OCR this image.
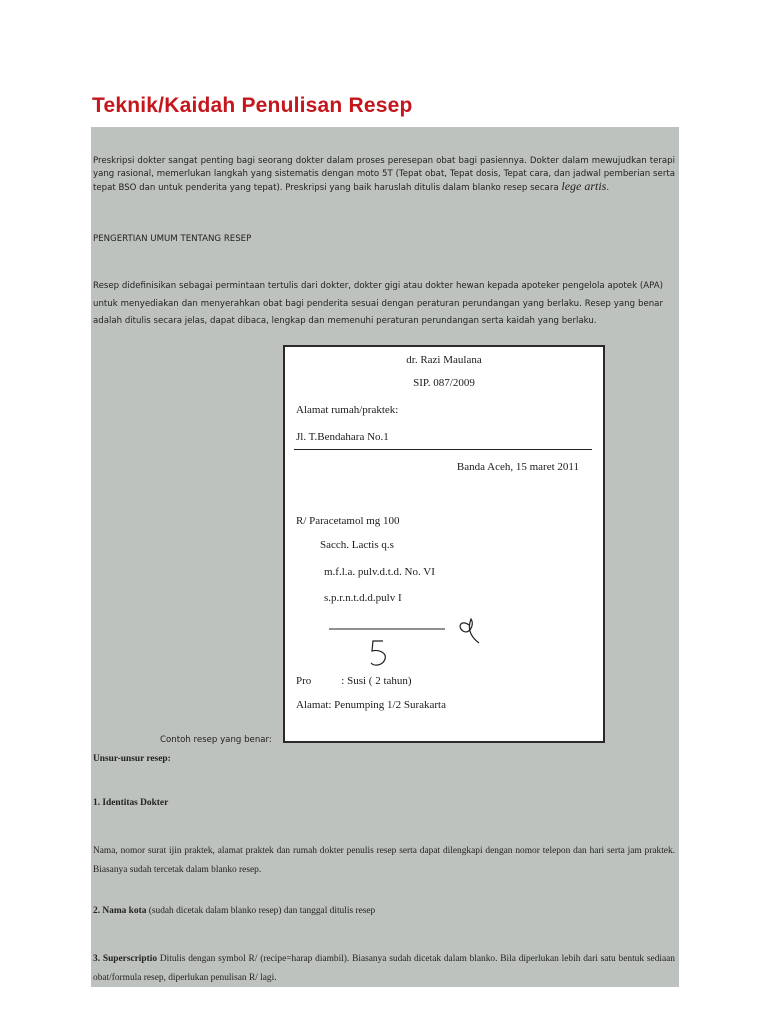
Teknik/Kaidah Penulisan Resep

Preskripsi dokter sangat penting bagi seorang dokter dalam proses peresepan obat bagi pasiennya. Dokter dalam mewujudkan terapi yang rasional, memerlukan langkah yang sistematis dengan moto 5T (Tepat obat, Tepat dosis, Tepat cara, dan jadwal pemberian serta tepat BSO dan untuk penderita yang tepat). Preskripsi yang baik haruslah ditulis dalam blanko resep secara lege artis.

PENGERTIAN UMUM TENTANG RESEP

Resep didefinisikan sebagai permintaan tertulis dari dokter, dokter gigi atau dokter hewan kepada apoteker pengelola apotek (APA) untuk menyediakan dan menyerahkan obat bagi penderita sesuai dengan peraturan perundangan yang berlaku. Resep yang benar adalah ditulis secara jelas, dapat dibaca, lengkap dan memenuhi peraturan perundangan serta kaidah yang berlaku.

Contoh resep yang benar:

Unsur-unsur resep:

1. Identitas Dokter

Nama, nomor surat ijin praktek, alamat praktek dan rumah dokter penulis resep serta dapat dilengkapi dengan nomor telepon dan hari serta jam praktek. Biasanya sudah tercetak dalam blanko resep.

2. Nama kota (sudah dicetak dalam blanko resep) dan tanggal ditulis resep

3. Superscriptio Ditulis dengan symbol R/ (recipe=harap diambil). Biasanya sudah dicetak dalam blanko. Bila diperlukan lebih dari satu bentuk sediaan obat/formula resep, diperlukan penulisan R/ lagi.

dr. Razi Maulana

SIP. 087/2009

Alamat rumah/praktek:

Jl. T.Bendahara No.1

Banda Aceh, 15 maret 2011

R/ Paracetamol mg 100

Sacch. Lactis q.s

m.f.l.a. pulv.d.t.d. No. VI

s.p.r.n.t.d.d.pulv I

Pro	: Susi ( 2 tahun)

Alamat: Penumping 1/2 Surakarta
